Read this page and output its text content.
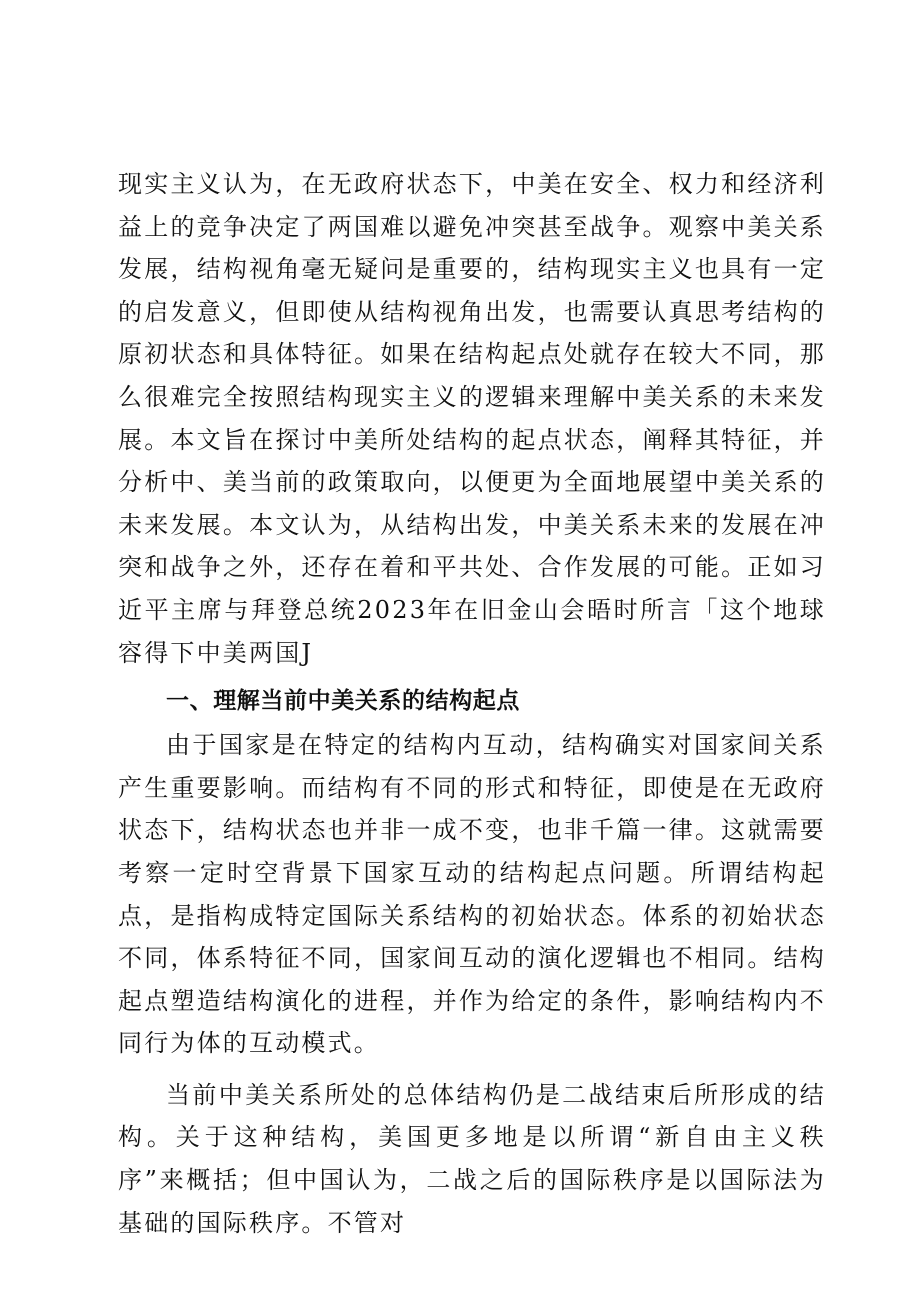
现实主义认为，在无政府状态下，中美在安全、权力和经济利益上的竞争决定了两国难以避免冲突甚至战争。观察中美关系发展，结构视角毫无疑问是重要的，结构现实主义也具有一定的启发意义，但即使从结构视角出发，也需要认真思考结构的原初状态和具体特征。如果在结构起点处就存在较大不同，那么很难完全按照结构现实主义的逻辑来理解中美关系的未来发展。本文旨在探讨中美所处结构的起点状态，阐释其特征，并分析中、美当前的政策取向，以便更为全面地展望中美关系的未来发展。本文认为，从结构出发，中美关系未来的发展在冲突和战争之外，还存在着和平共处、合作发展的可能。正如习近平主席与拜登总统2023年在旧金山会晤时所言「这个地球容得下中美两国J

一、理解当前中美关系的结构起点

由于国家是在特定的结构内互动，结构确实对国家间关系产生重要影响。而结构有不同的形式和特征，即使是在无政府状态下，结构状态也并非一成不变，也非千篇一律。这就需要考察一定时空背景下国家互动的结构起点问题。所谓结构起点，是指构成特定国际关系结构的初始状态。体系的初始状态不同，体系特征不同，国家间互动的演化逻辑也不相同。结构起点塑造结构演化的进程，并作为给定的条件，影响结构内不同行为体的互动模式。

当前中美关系所处的总体结构仍是二战结束后所形成的结构。关于这种结构，美国更多地是以所谓“新自由主义秩序”来概括；但中国认为，二战之后的国际秩序是以国际法为基础的国际秩序。不管对
